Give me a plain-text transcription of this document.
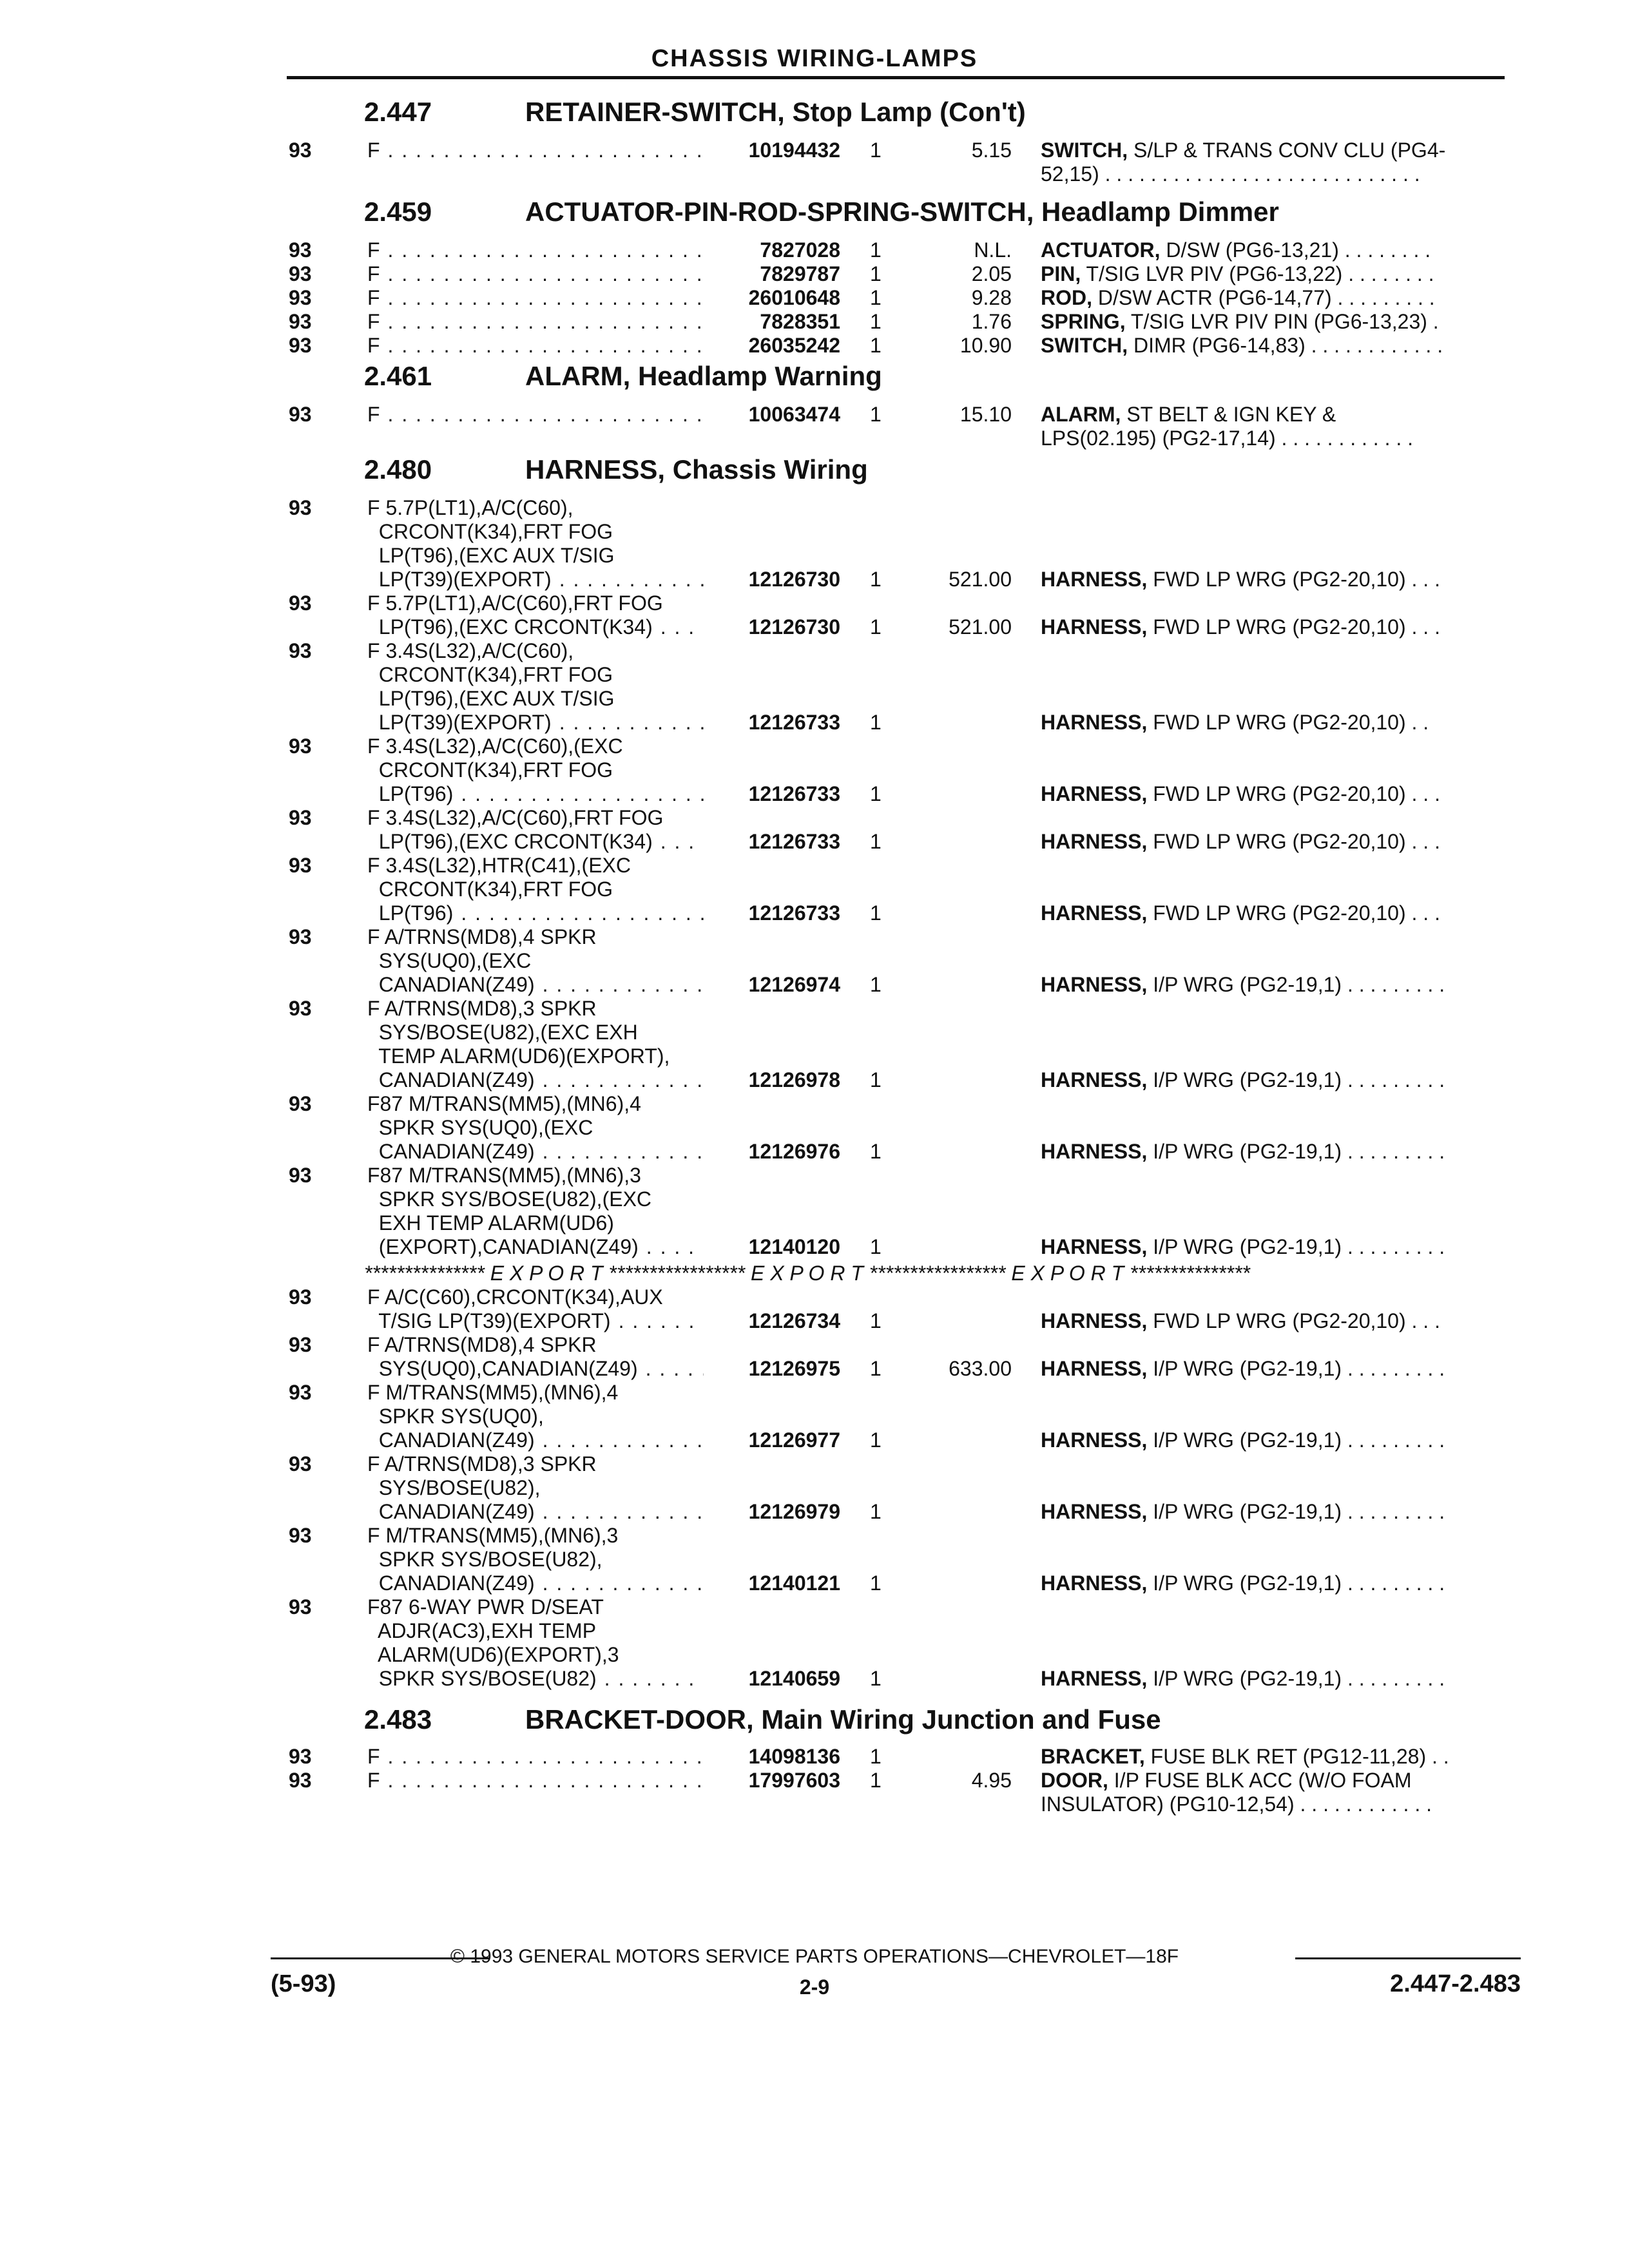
CHASSIS WIRING-LAMPS
2.447	RETAINER-SWITCH, Stop Lamp (Con't)
2.459	ACTUATOR-PIN-ROD-SPRING-SWITCH, Headlamp Dimmer
2.461	ALARM, Headlamp Warning
2.480	HARNESS, Chassis Wiring
2.483	BRACKET-DOOR, Main Wiring Junction and Fuse
93	F . . .	10194432 1	5.15 SWITCH, S/LP & TRANS CONV CLU (PG4-
52,15) . . . . . . . . . . . . . . . . . . . . . . . . . . . .
93	F . . .	7827028 1	N.L. ACTUATOR, D/SW (PG6-13,21) . . . . . . . .
93	F . . .	7829787 1	2.05 PIN, T/SIG LVR PIV (PG6-13,22) . . . . . . . .
93	F . . .	26010648 1	9.28 ROD, D/SW ACTR (PG6-14,77) . . . . . . . . .
93	F . . .	7828351 1	1.76 SPRING, T/SIG LVR PIV PIN (PG6-13,23) .
93	F . . .	26035242 1	10.90 SWITCH, DIMR (PG6-14,83) . . . . . . . . . . . .
93	F . . .	10063474 1	15.10 ALARM, ST BELT & IGN KEY &
LPS(02.195) (PG2-17,14) . . . . . . . . . . . .
93	F 5.7P(LT1),A/C(C60),
CRCONT(K34),FRT FOG
LP(T96),(EXC AUX T/SIG
LP(T39)(EXPORT) . . .	12126730 1	521.00 HARNESS, FWD LP WRG (PG2-20,10) . . .
93	F 5.7P(LT1),A/C(C60),FRT FOG
LP(T96),(EXC CRCONT(K34) . . .	12126730 1	521.00 HARNESS, FWD LP WRG (PG2-20,10) . . .
93	F 3.4S(L32),A/C(C60),
CRCONT(K34),FRT FOG
LP(T96),(EXC AUX T/SIG
LP(T39)(EXPORT) . . .	12126733 1	HARNESS, FWD LP WRG (PG2-20,10) . .
93	F 3.4S(L32),A/C(C60),(EXC
CRCONT(K34),FRT FOG
LP(T96) . . .	12126733 1	HARNESS, FWD LP WRG (PG2-20,10) . . .
93	F 3.4S(L32),A/C(C60),FRT FOG
LP(T96),(EXC CRCONT(K34) . . .	12126733 1	HARNESS, FWD LP WRG (PG2-20,10) . . .
93	F 3.4S(L32),HTR(C41),(EXC
CRCONT(K34),FRT FOG
LP(T96) . . .	12126733 1	HARNESS, FWD LP WRG (PG2-20,10) . . .
93	F A/TRNS(MD8),4 SPKR
SYS(UQ0),(EXC
CANADIAN(Z49) . . .	12126974 1	HARNESS, I/P WRG (PG2-19,1) . . . . . . . . .
93	F A/TRNS(MD8),3 SPKR
SYS/BOSE(U82),(EXC EXH
TEMP ALARM(UD6)(EXPORT),
CANADIAN(Z49) . . .	12126978 1	HARNESS, I/P WRG (PG2-19,1) . . . . . . . . .
93	F87 M/TRANS(MM5),(MN6),4
SPKR SYS(UQ0),(EXC
CANADIAN(Z49) . . .	12126976 1	HARNESS, I/P WRG (PG2-19,1) . . . . . . . . .
93	F87 M/TRANS(MM5),(MN6),3
SPKR SYS/BOSE(U82),(EXC
EXH TEMP ALARM(UD6)
(EXPORT),CANADIAN(Z49) . . .	12140120 1	HARNESS, I/P WRG (PG2-19,1) . . . . . . . . .
93	F A/C(C60),CRCONT(K34),AUX
T/SIG LP(T39)(EXPORT) . . .	12126734 1	HARNESS, FWD LP WRG (PG2-20,10) . . .
93	F A/TRNS(MD8),4 SPKR
SYS(UQ0),CANADIAN(Z49) . . .	12126975 1	633.00 HARNESS, I/P WRG (PG2-19,1) . . . . . . . . .
93	F M/TRANS(MM5),(MN6),4
SPKR SYS(UQ0),
CANADIAN(Z49) . . .	12126977 1	HARNESS, I/P WRG (PG2-19,1) . . . . . . . . .
93	F A/TRNS(MD8),3 SPKR
SYS/BOSE(U82),
CANADIAN(Z49) . . .	12126979 1	HARNESS, I/P WRG (PG2-19,1) . . . . . . . . .
93	F M/TRANS(MM5),(MN6),3
SPKR SYS/BOSE(U82),
CANADIAN(Z49) . . .	12140121 1	HARNESS, I/P WRG (PG2-19,1) . . . . . . . . .
93	F87 6-WAY PWR D/SEAT
ADJR(AC3),EXH TEMP
ALARM(UD6)(EXPORT),3
SPKR SYS/BOSE(U82) . . .	12140659 1	HARNESS, I/P WRG (PG2-19,1) . . . . . . . . .
93	F . . .	14098136 1	BRACKET, FUSE BLK RET (PG12-11,28) . .
93	F . . .	17997603 1	4.95 DOOR, I/P FUSE BLK ACC (W/O FOAM
INSULATOR) (PG10-12,54) . . . . . . . . . . . .
*************** E X P O R T ***************** E X P O R T ***************** E X P O R T ***************
© 1993 GENERAL MOTORS SERVICE PARTS OPERATIONS—CHEVROLET—18F
(5-93)	2-9	2.447-2.483
